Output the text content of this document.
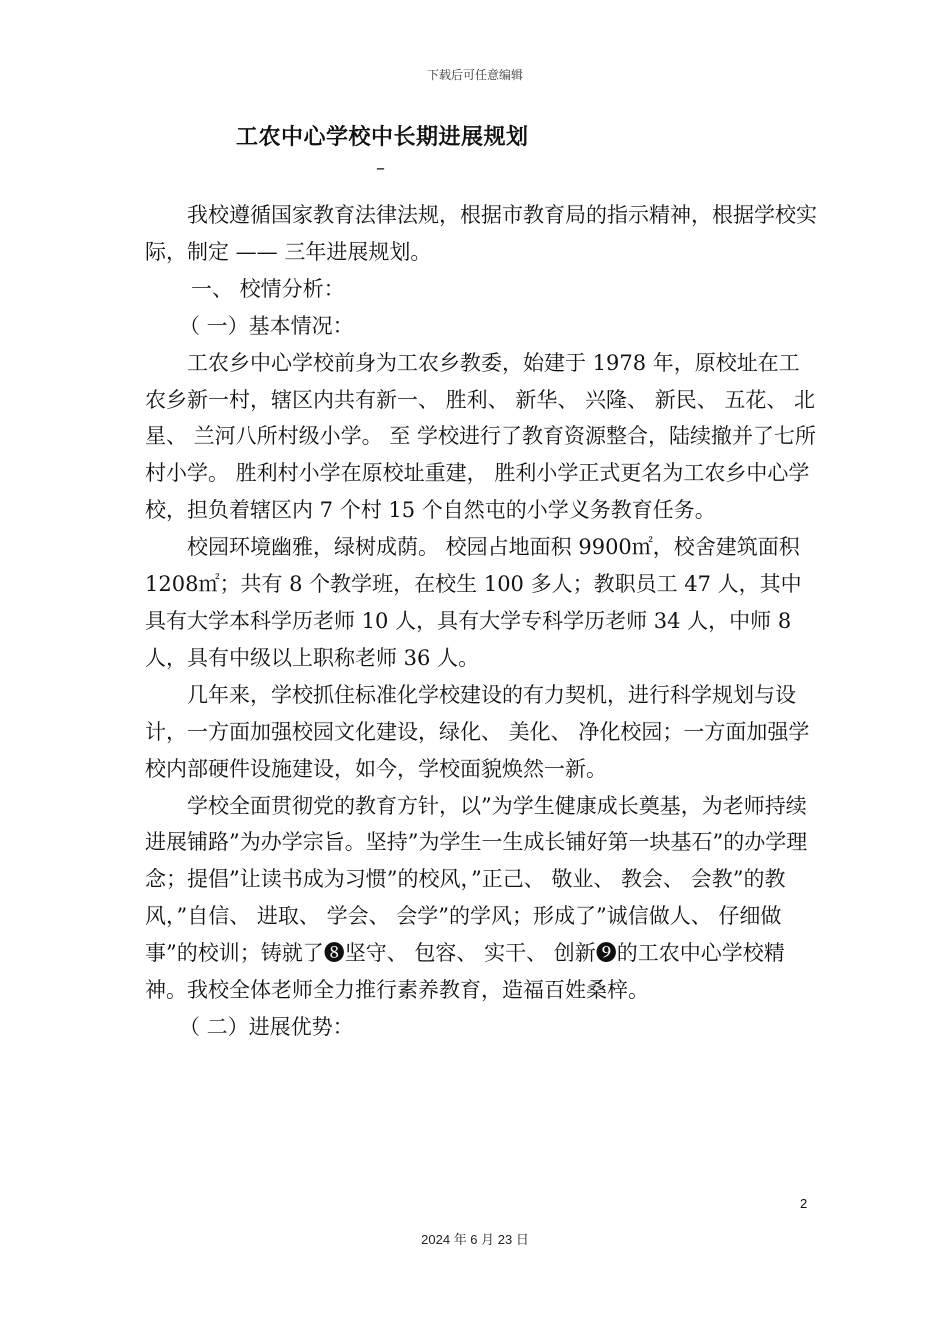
下载后可任意编辑
工农中心学校中长期进展规划
–

我校遵循国家教育法律法规，根据市教育局的指示精神，根据学校实际，制定 —— 三年进展规划。

一、 校情分析：

（ 一）基本情况：

工农乡中心学校前身为工农乡教委，始建于 1978 年，原校址在工农乡新一村，辖区内共有新一、 胜利、 新华、 兴隆、 新民、 五花、 北星、 兰河八所村级小学。 至 学校进行了教育资源整合，陆续撤并了七所村小学。 胜利村小学在原校址重建， 胜利小学正式更名为工农乡中心学校，担负着辖区内 7 个村 15 个自然屯的小学义务教育任务。

校园环境幽雅，绿树成荫。 校园占地面积 9900㎡，校舍建筑面积 1208㎡；共有 8 个教学班，在校生 100 多人；教职员工 47 人，其中具有大学本科学历老师 10 人，具有大学专科学历老师 34 人，中师 8 人，具有中级以上职称老师 36 人。

几年来，学校抓住标准化学校建设的有力契机，进行科学规划与设计，一方面加强校园文化建设，绿化、 美化、 净化校园；一方面加强学校内部硬件设施建设，如今，学校面貌焕然一新。

学校全面贯彻党的教育方针，以”为学生健康成长奠基，为老师持续进展铺路”为办学宗旨。坚持”为学生一生成长铺好第一块基石”的办学理念；提倡”让读书成为习惯”的校风，”正己、 敬业、 教会、 会教”的教风，”自信、 进取、 学会、 会学”的学风；形成了”诚信做人、 仔细做事”的校训；铸就了❽坚守、 包容、 实干、 创新❾的工农中心学校精神。我校全体老师全力推行素养教育，造福百姓桑梓。

（ 二）进展优势：

2
2024 年 6 月 23 日
